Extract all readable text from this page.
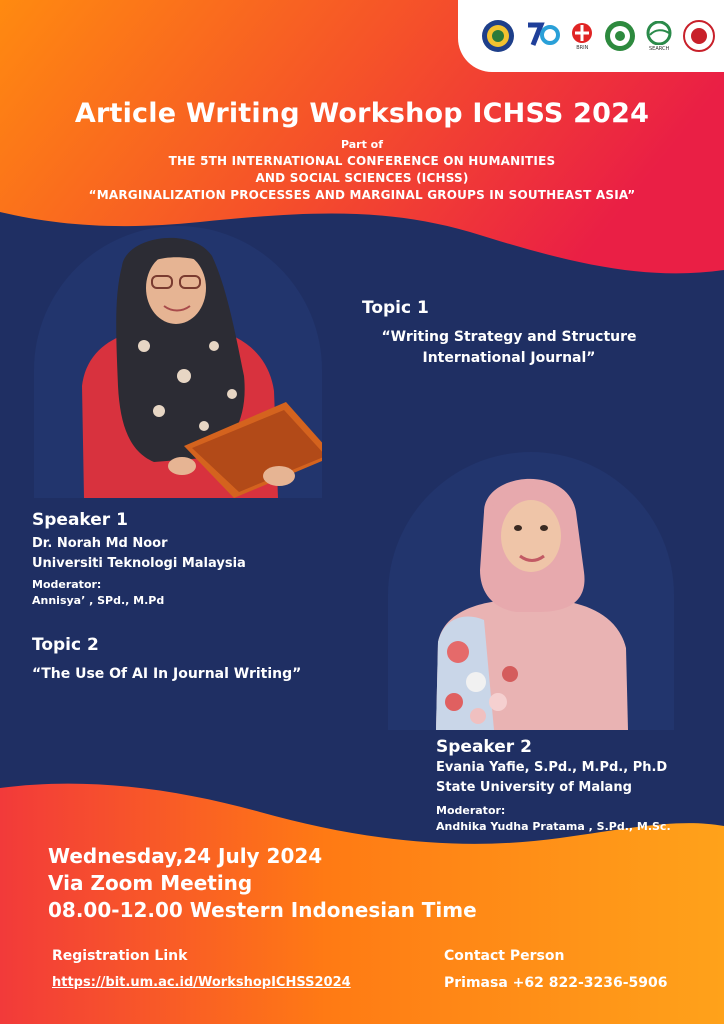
BRIN	SEARCH
Article Writing Workshop ICHSS 2024
Part of
THE 5TH INTERNATIONAL CONFERENCE ON HUMANITIES
AND SOCIAL SCIENCES (ICHSS)
“MARGINALIZATION PROCESSES AND MARGINAL GROUPS IN SOUTHEAST ASIA”
Topic 1
“Writing Strategy and Structure
International Journal”
Speaker 1
Dr. Norah Md Noor
Universiti Teknologi Malaysia
Moderator:
Annisya’ , SPd., M.Pd
Topic 2
“The Use Of AI In Journal Writing”
Speaker 2
Evania Yafie, S.Pd., M.Pd., Ph.D
State University of Malang
Moderator:
Andhika Yudha Pratama , S.Pd., M.Sc.
Wednesday,24 July 2024
Via Zoom Meeting
08.00-12.00 Western Indonesian Time
Registration Link
https://bit.um.ac.id/WorkshopICHSS2024
Contact Person
Primasa +62 822-3236-5906
